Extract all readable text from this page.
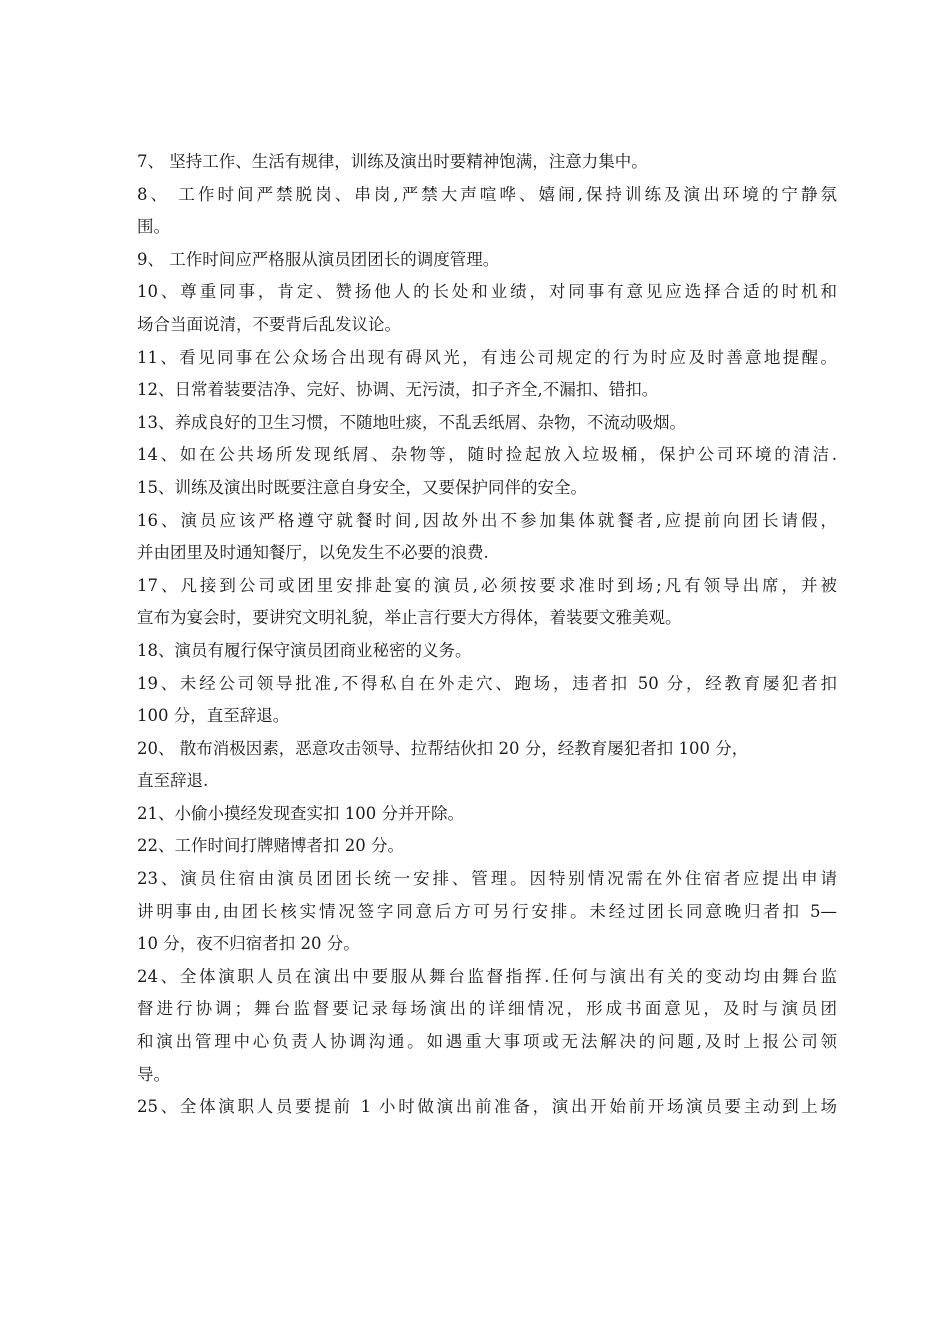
7、 坚持工作、生活有规律，训练及演出时要精神饱满，注意力集中。
8、 工作时间严禁脱岗、串岗,严禁大声喧哗、嬉闹,保持训练及演出环境的宁静氛
围。
9、 工作时间应严格服从演员团团长的调度管理。
10、尊重同事，肯定、赞扬他人的长处和业绩，对同事有意见应选择合适的时机和
场合当面说清，不要背后乱发议论。
11、看见同事在公众场合出现有碍风光，有违公司规定的行为时应及时善意地提醒。
12、日常着装要洁净、完好、协调、无污渍，扣子齐全,不漏扣、错扣。
13、养成良好的卫生习惯，不随地吐痰，不乱丢纸屑、杂物，不流动吸烟。
14、如在公共场所发现纸屑、杂物等，随时捡起放入垃圾桶，保护公司环境的清洁.
15、训练及演出时既要注意自身安全，又要保护同伴的安全。
16、演员应该严格遵守就餐时间,因故外出不参加集体就餐者,应提前向团长请假，
并由团里及时通知餐厅，以免发生不必要的浪费.
17、凡接到公司或团里安排赴宴的演员,必须按要求准时到场;凡有领导出席，并被
宣布为宴会时，要讲究文明礼貌，举止言行要大方得体，着装要文雅美观。
18、演员有履行保守演员团商业秘密的义务。
19、未经公司领导批准,不得私自在外走穴、跑场，违者扣 50 分，经教育屡犯者扣
100 分，直至辞退。
20、 散布消极因素，恶意攻击领导、拉帮结伙扣 20 分，经教育屡犯者扣 100 分，
直至辞退.
21、小偷小摸经发现查实扣 100 分并开除。
22、工作时间打牌赌博者扣 20 分。
23、演员住宿由演员团团长统一安排、管理。因特别情况需在外住宿者应提出申请
讲明事由,由团长核实情况签字同意后方可另行安排。未经过团长同意晚归者扣 5—
10 分，夜不归宿者扣 20 分。
24、全体演职人员在演出中要服从舞台监督指挥.任何与演出有关的变动均由舞台监
督进行协调；舞台监督要记录每场演出的详细情况，形成书面意见，及时与演员团
和演出管理中心负责人协调沟通。如遇重大事项或无法解决的问题,及时上报公司领
导。
25、全体演职人员要提前 1 小时做演出前准备，演出开始前开场演员要主动到上场
